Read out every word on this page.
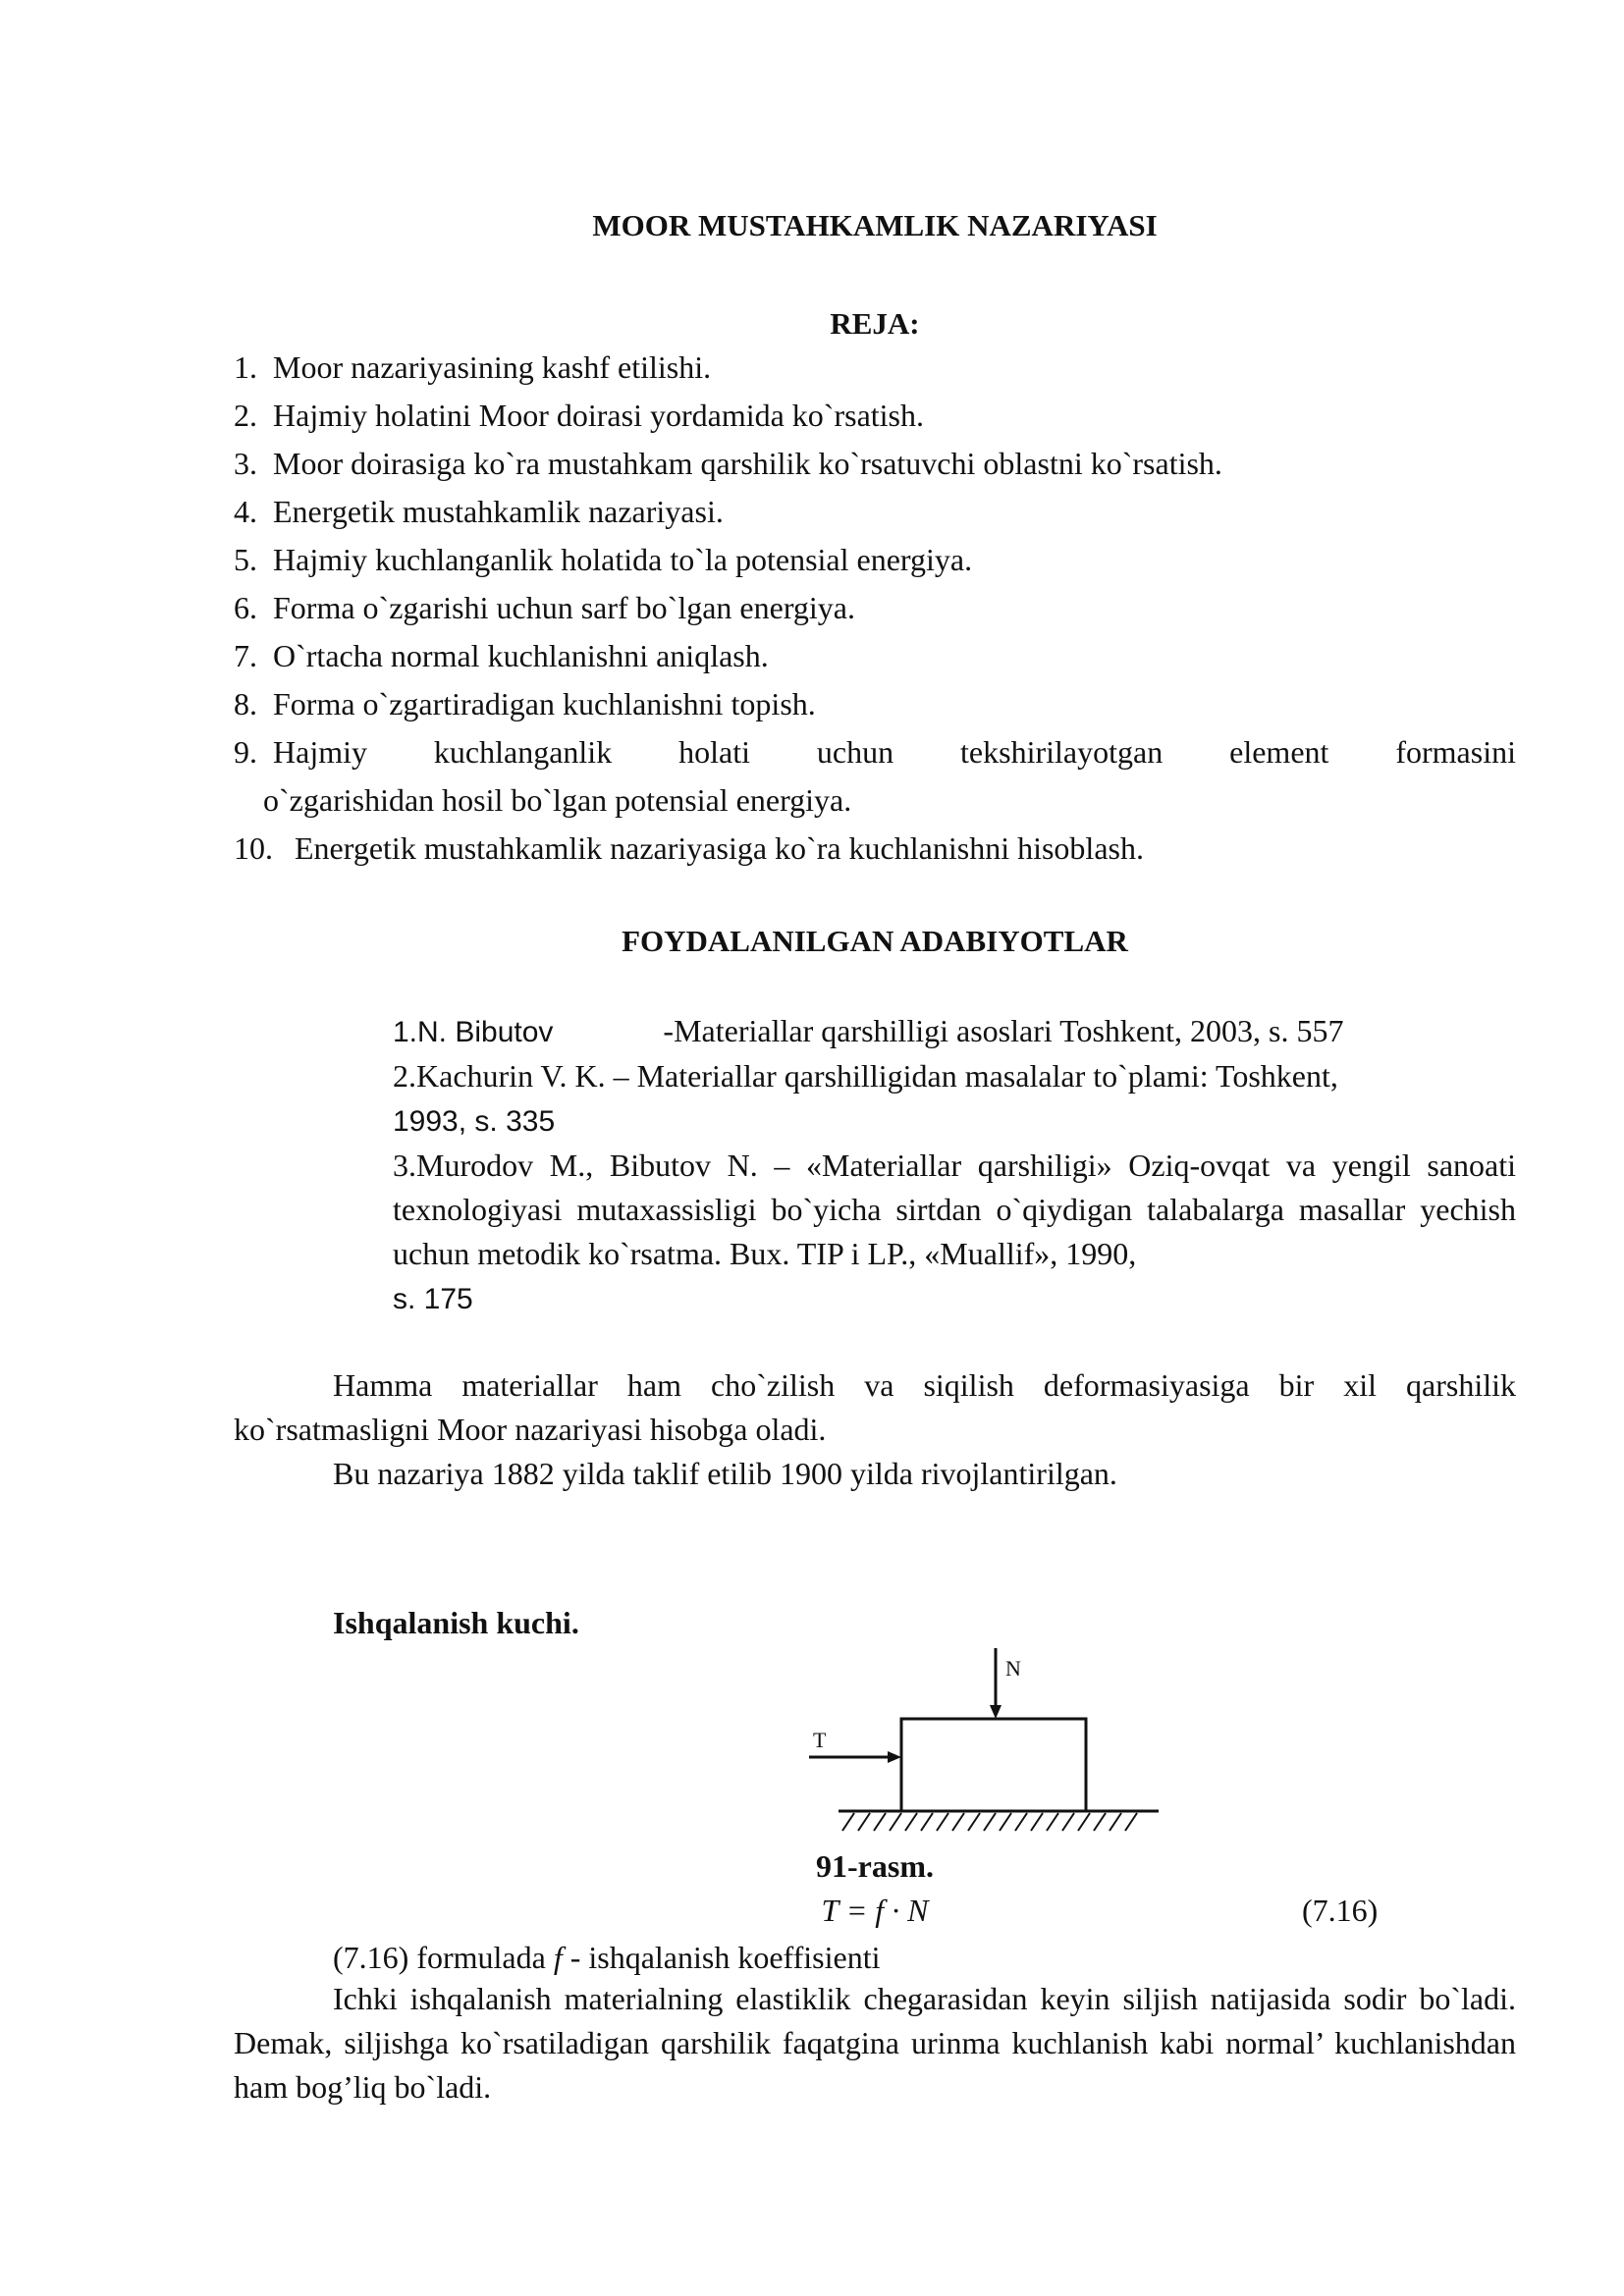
MOOR MUSTAHKAMLIK NAZARIYASI
REJA:
1. Moor nazariyasining kashf etilishi.
2. Hajmiy holatini Moor doirasi yordamida ko`rsatish.
3. Moor doirasiga ko`ra mustahkam qarshilik ko`rsatuvchi oblastni ko`rsatish.
4. Energetik mustahkamlik nazariyasi.
5. Hajmiy kuchlanganlik holatida to`la potensial energiya.
6. Forma o`zgarishi uchun sarf bo`lgan energiya.
7. O`rtacha normal kuchlanishni aniqlash.
8. Forma o`zgartiradigan kuchlanishni topish.
9. Hajmiy kuchlanganlik holati uchun tekshirilayotgan element formasini
o`zgarishidan hosil bo`lgan potensial energiya.
10. Energetik mustahkamlik nazariyasiga ko`ra kuchlanishni hisoblash.
FOYDALANILGAN ADABIYOTLAR

1.N. Bibutov	-Materiallar qarshilligi asoslari Toshkent, 2003, s. 557

2.Kachurin V. K. – Materiallar qarshilligidan masalalar to`plami: Toshkent,
1993, s. 335

3.Murodov M., Bibutov N. – «Materiallar qarshiligi» Oziq-ovqat va yengil sanoati texnologiyasi mutaxassisligi bo`yicha sirtdan o`qiydigan talabalarga masallar yechish uchun metodik ko`rsatma. Bux. TIP i LP., «Muallif», 1990,
s. 175

Hamma materiallar ham cho`zilish va siqilish deformasiyasiga bir xil qarshilik ko`rsatmasligni Moor nazariyasi hisobga oladi.
Bu nazariya 1882 yilda taklif etilib 1900 yilda rivojlantirilgan.
Ishqalanish kuchi.
N
T
91-rasm.
T = f · N	(7.16)
(7.16) formulada f - ishqalanish koeffisienti
Ichki ishqalanish materialning elastiklik chegarasidan keyin siljish natijasida sodir bo`ladi. Demak, siljishga ko`rsatiladigan qarshilik faqatgina urinma kuchlanish kabi normal’ kuchlanishdan ham bog’liq bo`ladi.
